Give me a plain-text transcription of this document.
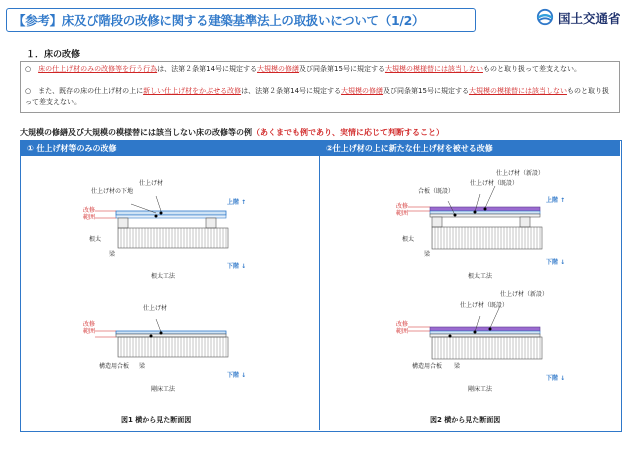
【参考】床及び階段の改修に関する建築基準法上の取扱いについて（1/2）	国土交通省
１．床の改修
○　床の仕上げ材のみの改修等を行う行為は、法第２条第14号に規定する大規模の修繕及び同条第15号に規定する大規模の模様替には該当しないものと取り扱って差支えない。
○　また、既存の床の仕上げ材の上に新しい仕上げ材をかぶせる改修は、法第２条第14号に規定する大規模の修繕及び同条第15号に規定する大規模の模様替には該当しないものと取り扱って差支えない。
大規模の修繕及び大規模の模様替には該当しない床の改修等の例（あくまでも例であり、実情に応じて判断すること）
① 仕上げ材等のみの改修
仕上げ材
仕上げ材の下地
上階 ↑
改修
範囲
根太
梁
下階 ↓
根太工法
仕上げ材
改修
範囲
構造用合板 梁
下階 ↓
剛床工法
図1 横から見た断面図
②仕上げ材の上に新たな仕上げ材を被せる改修
仕上げ材（新設）
仕上げ材（既設）
合板（既設）
上階 ↑
改修
範囲
根太
梁
下階 ↓
根太工法
仕上げ材（新設）
仕上げ材（既設）
改修
範囲
構造用合板 梁
下階 ↓
剛床工法
図2 横から見た断面図
